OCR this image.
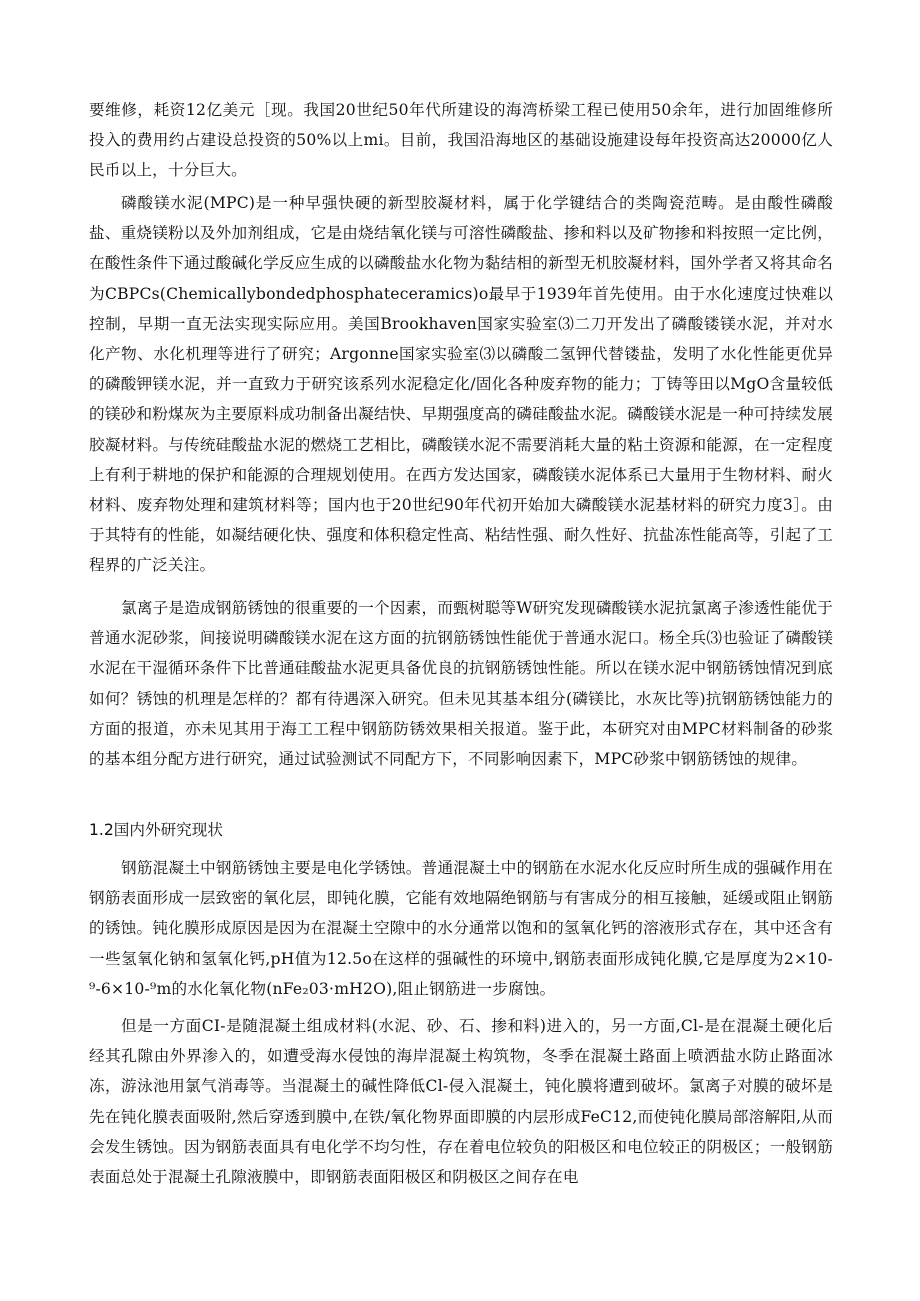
要维修，耗资12亿美元［现。我国20世纪50年代所建设的海湾桥梁工程已使用50余年，进行加固维修所投入的费用约占建设总投资的50%以上mi。目前，我国沿海地区的基础设施建设每年投资高达20000亿人民币以上，十分巨大。

磷酸镁水泥(MPC)是一种早强快硬的新型胶凝材料，属于化学键结合的类陶瓷范畴。是由酸性磷酸盐、重烧镁粉以及外加剂组成，它是由烧结氧化镁与可溶性磷酸盐、掺和料以及矿物掺和料按照一定比例，在酸性条件下通过酸碱化学反应生成的以磷酸盐水化物为黏结相的新型无机胶凝材料，国外学者又将其命名为CBPCs(Chemicallybondedphosphateceramics)o最早于1939年首先使用。由于水化速度过快难以控制，早期一直无法实现实际应用。美国Brookhaven国家实验室⑶二刀开发出了磷酸镂镁水泥，并对水化产物、水化机理等进行了研究；Argonne国家实验室⑶以磷酸二氢钾代替镂盐，发明了水化性能更优异的磷酸钾镁水泥，并一直致力于研究该系列水泥稳定化/固化各种废弃物的能力；丁铸等田以MgO含量较低的镁砂和粉煤灰为主要原料成功制备出凝结快、早期强度高的磷硅酸盐水泥。磷酸镁水泥是一种可持续发展胶凝材料。与传统硅酸盐水泥的燃烧工艺相比，磷酸镁水泥不需要消耗大量的粘土资源和能源，在一定程度上有利于耕地的保护和能源的合理规划使用。在西方发达国家，磷酸镁水泥体系已大量用于生物材料、耐火材料、废弃物处理和建筑材料等；国内也于20世纪90年代初开始加大磷酸镁水泥基材料的研究力度3］。由于其特有的性能，如凝结硬化快、强度和体积稳定性高、粘结性强、耐久性好、抗盐冻性能高等，引起了工程界的广泛关注。

氯离子是造成钢筋锈蚀的很重要的一个因素，而甄树聪等W研究发现磷酸镁水泥抗氯离子渗透性能优于普通水泥砂浆，间接说明磷酸镁水泥在这方面的抗钢筋锈蚀性能优于普通水泥口。杨全兵⑶也验证了磷酸镁水泥在干湿循环条件下比普通硅酸盐水泥更具备优良的抗钢筋锈蚀性能。所以在镁水泥中钢筋锈蚀情况到底如何？锈蚀的机理是怎样的？都有待遇深入研究。但未见其基本组分(磷镁比，水灰比等)抗钢筋锈蚀能力的方面的报道，亦未见其用于海工工程中钢筋防锈效果相关报道。鉴于此，本研究对由MPC材料制备的砂浆的基本组分配方进行研究，通过试验测试不同配方下，不同影响因素下，MPC砂浆中钢筋锈蚀的规律。

1.2国内外研究现状

钢筋混凝土中钢筋锈蚀主要是电化学锈蚀。普通混凝土中的钢筋在水泥水化反应时所生成的强碱作用在钢筋表面形成一层致密的氧化层，即钝化膜，它能有效地隔绝钢筋与有害成分的相互接触，延缓或阻止钢筋的锈蚀。钝化膜形成原因是因为在混凝土空隙中的水分通常以饱和的氢氧化钙的溶液形式存在，其中还含有一些氢氧化钠和氢氧化钙,pH值为12.5o在这样的强碱性的环境中,钢筋表面形成钝化膜,它是厚度为2×10-⁹-6×10-⁹m的水化氧化物(nFe₂03·mH2O),阻止钢筋进一步腐蚀。

但是一方面CI-是随混凝土组成材料(水泥、砂、石、掺和料)进入的，另一方面,Cl-是在混凝土硬化后经其孔隙由外界渗入的，如遭受海水侵蚀的海岸混凝土构筑物，冬季在混凝土路面上喷洒盐水防止路面冰冻，游泳池用氯气消毒等。当混凝土的碱性降低Cl-侵入混凝土，钝化膜将遭到破坏。氯离子对膜的破坏是先在钝化膜表面吸附,然后穿透到膜中,在铁/氧化物界面即膜的内层形成FeC12,而使钝化膜局部溶解阳,从而会发生锈蚀。因为钢筋表面具有电化学不均匀性，存在着电位较负的阳极区和电位较正的阴极区；一般钢筋表面总处于混凝土孔隙液膜中，即钢筋表面阳极区和阴极区之间存在电
